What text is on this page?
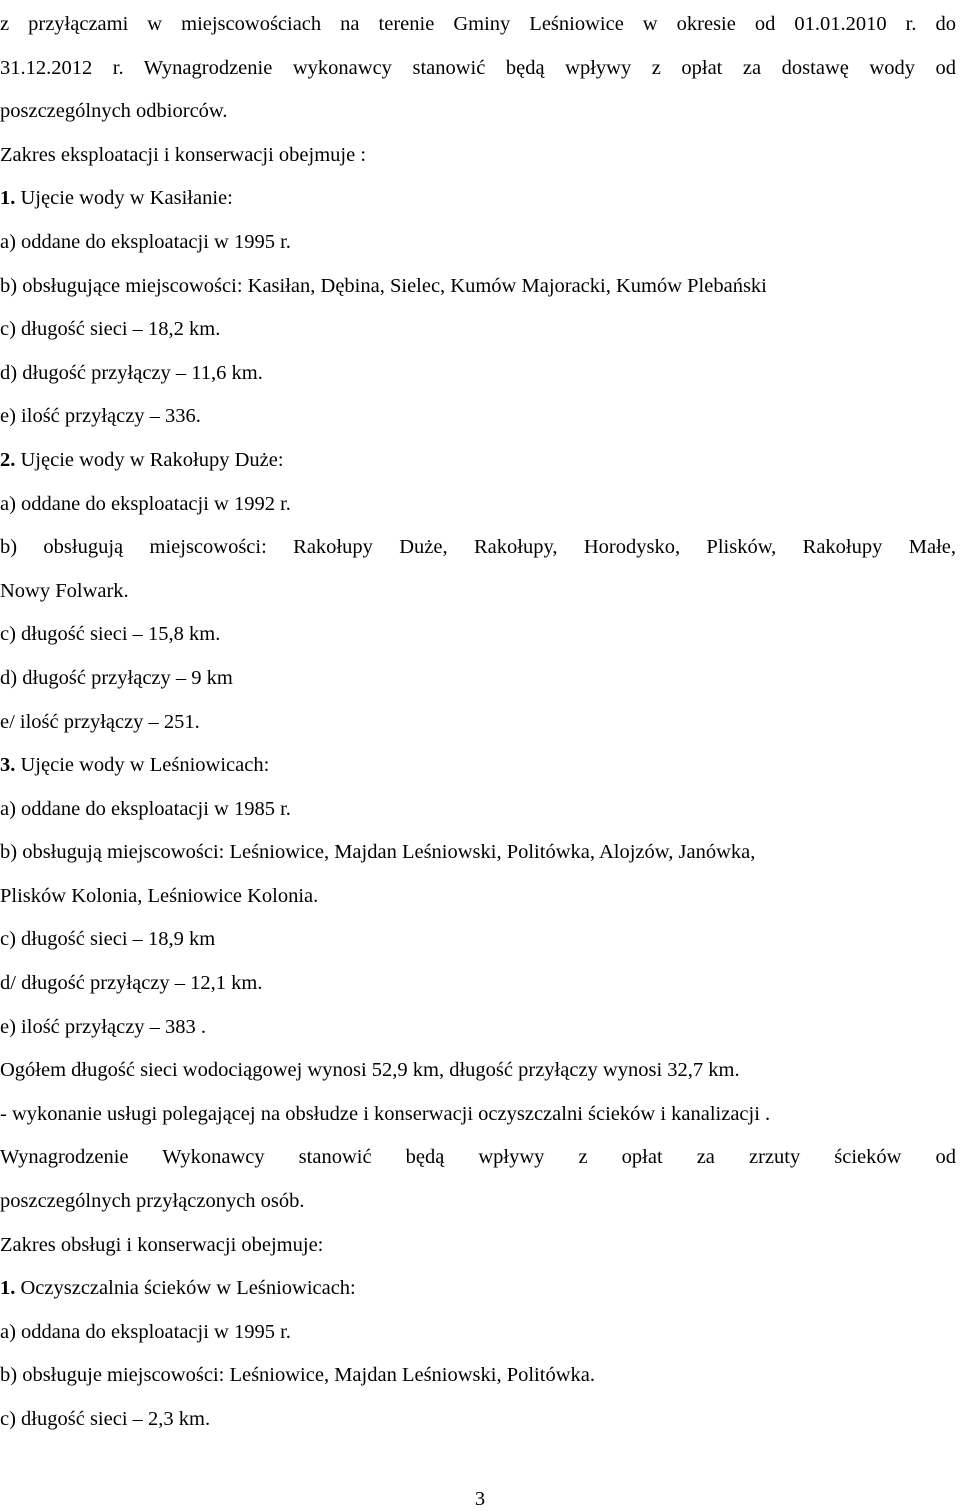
z przyłączami w miejscowościach na terenie Gminy Leśniowice w okresie od 01.01.2010 r. do
31.12.2012 r. Wynagrodzenie wykonawcy stanowić będą wpływy z opłat za dostawę wody od
poszczególnych odbiorców.
Zakres eksploatacji i konserwacji obejmuje :
1. Ujęcie wody w Kasiłanie:
a) oddane do eksploatacji w 1995 r.
b) obsługujące miejscowości: Kasiłan, Dębina, Sielec, Kumów Majoracki, Kumów Plebański
c) długość sieci – 18,2 km.
d) długość przyłączy – 11,6 km.
e) ilość przyłączy – 336.
2. Ujęcie wody w Rakołupy Duże:
a) oddane do eksploatacji w 1992 r.
b) obsługują miejscowości: Rakołupy Duże, Rakołupy, Horodysko, Plisków, Rakołupy Małe,
Nowy Folwark.
c) długość sieci – 15,8 km.
d) długość przyłączy – 9 km
e/ ilość przyłączy – 251.
3. Ujęcie wody w Leśniowicach:
a) oddane do eksploatacji w 1985 r.
b) obsługują miejscowości: Leśniowice, Majdan Leśniowski, Politówka, Alojzów, Janówka,
Plisków Kolonia, Leśniowice Kolonia.
c) długość sieci – 18,9 km
d/ długość przyłączy – 12,1 km.
e) ilość przyłączy – 383 .
Ogółem długość sieci wodociągowej wynosi 52,9 km, długość przyłączy wynosi 32,7 km.
- wykonanie usługi polegającej na obsłudze i konserwacji oczyszczalni ścieków i kanalizacji .
Wynagrodzenie Wykonawcy stanowić będą wpływy z opłat za zrzuty ścieków od
poszczególnych przyłączonych osób.
Zakres obsługi i konserwacji obejmuje:
1. Oczyszczalnia ścieków w Leśniowicach:
a) oddana do eksploatacji w 1995 r.
b) obsługuje miejscowości: Leśniowice, Majdan Leśniowski, Politówka.
c) długość sieci – 2,3 km.
3
